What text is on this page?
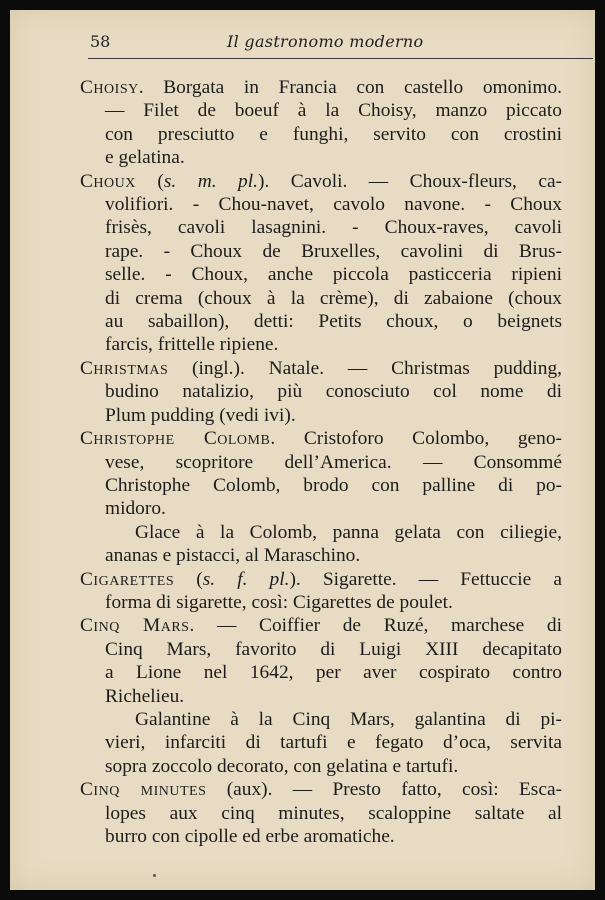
58	Il gastronomo moderno
Choisy. Borgata in Francia con castello omonimo.
— Filet de boeuf à la Choisy, manzo piccato
con presciutto e funghi, servito con crostini
e gelatina.
Choux (s. m. pl.). Cavoli. — Choux-fleurs, ca-
volifiori. - Chou-navet, cavolo navone. - Choux
frisès, cavoli lasagnini. - Choux-raves, cavoli
rape. - Choux de Bruxelles, cavolini di Brus-
selle. - Choux, anche piccola pasticceria ripieni
di crema (choux à la crème), di zabaione (choux
au sabaillon), detti: Petits choux, o beignets
farcis, frittelle ripiene.
Christmas (ingl.). Natale. — Christmas pudding,
budino natalizio, più conosciuto col nome di
Plum pudding (vedi ivi).
Christophe Colomb. Cristoforo Colombo, geno-
vese, scopritore dell’America. — Consommé
Christophe Colomb, brodo con palline di po-
midoro.
Glace à la Colomb, panna gelata con ciliegie,
ananas e pistacci, al Maraschino.
Cigarettes (s. f. pl.). Sigarette. — Fettuccie a
forma di sigarette, così: Cigarettes de poulet.
Cinq Mars. — Coiffier de Ruzé, marchese di
Cinq Mars, favorito di Luigi XIII decapitato
a Lione nel 1642, per aver cospirato contro
Richelieu.
Galantine à la Cinq Mars, galantina di pi-
vieri, infarciti di tartufi e fegato d’oca, servita
sopra zoccolo decorato, con gelatina e tartufi.
Cinq minutes (aux). — Presto fatto, così: Esca-
lopes aux cinq minutes, scaloppine saltate al
burro con cipolle ed erbe aromatiche.
